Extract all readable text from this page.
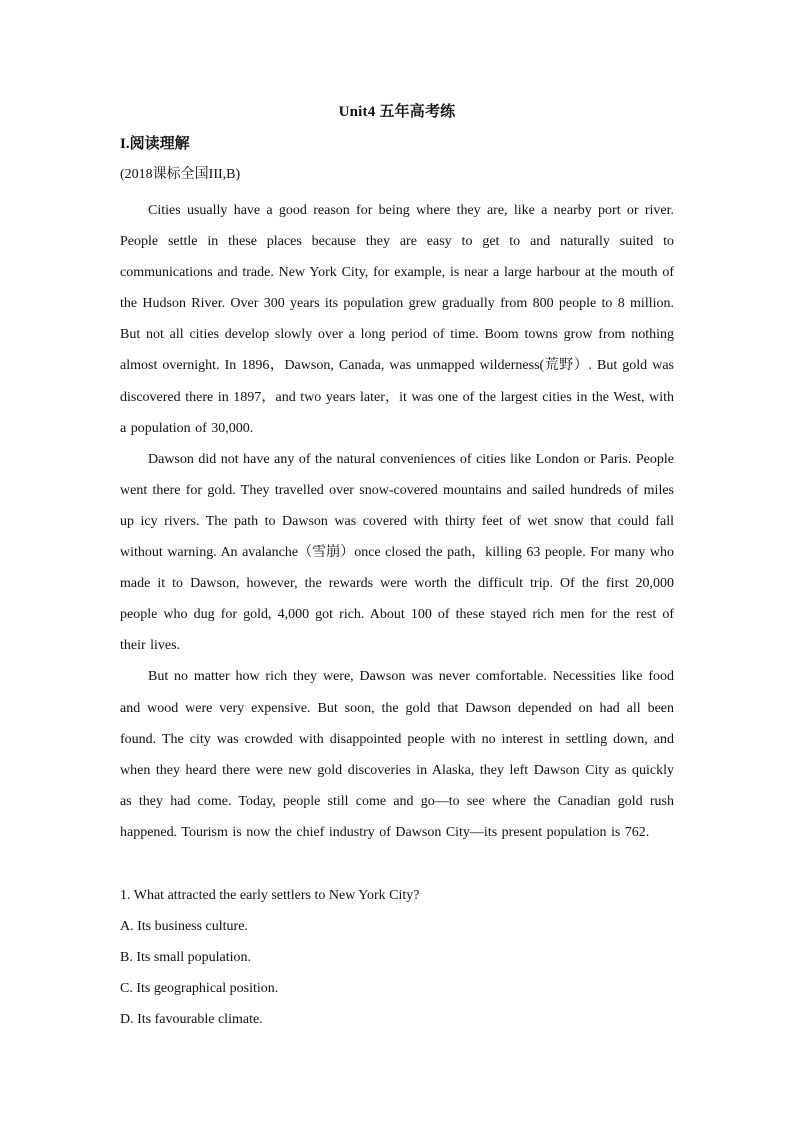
Unit4 五年高考练
I.阅读理解
(2018课标全国III,B)

Cities usually have a good reason for being where they are, like a nearby port or river. People settle in these places because they are easy to get to and naturally suited to communications and trade. New York City, for example, is near a large harbour at the mouth of the Hudson River. Over 300 years its population grew gradually from 800 people to 8 million. But not all cities develop slowly over a long period of time. Boom towns grow from nothing almost overnight. In 1896，Dawson, Canada, was unmapped wilderness(荒野）. But gold was discovered there in 1897，and two years later，it was one of the largest cities in the West, with a population of 30,000.

Dawson did not have any of the natural conveniences of cities like London or Paris. People went there for gold. They travelled over snow-covered mountains and sailed hundreds of miles up icy rivers. The path to Dawson was covered with thirty feet of wet snow that could fall without warning. An avalanche（雪崩）once closed the path，killing 63 people. For many who made it to Dawson, however, the rewards were worth the difficult trip. Of the first 20,000 people who dug for gold, 4,000 got rich. About 100 of these stayed rich men for the rest of their lives.

But no matter how rich they were, Dawson was never comfortable. Necessities like food and wood were very expensive. But soon, the gold that Dawson depended on had all been found. The city was crowded with disappointed people with no interest in settling down, and when they heard there were new gold discoveries in Alaska, they left Dawson City as quickly as they had come. Today, people still come and go—to see where the Canadian gold rush happened. Tourism is now the chief industry of Dawson City—its present population is 762.

1. What attracted the early settlers to New York City?

A. Its business culture.

B. Its small population.

C. Its geographical position.

D. Its favourable climate.
